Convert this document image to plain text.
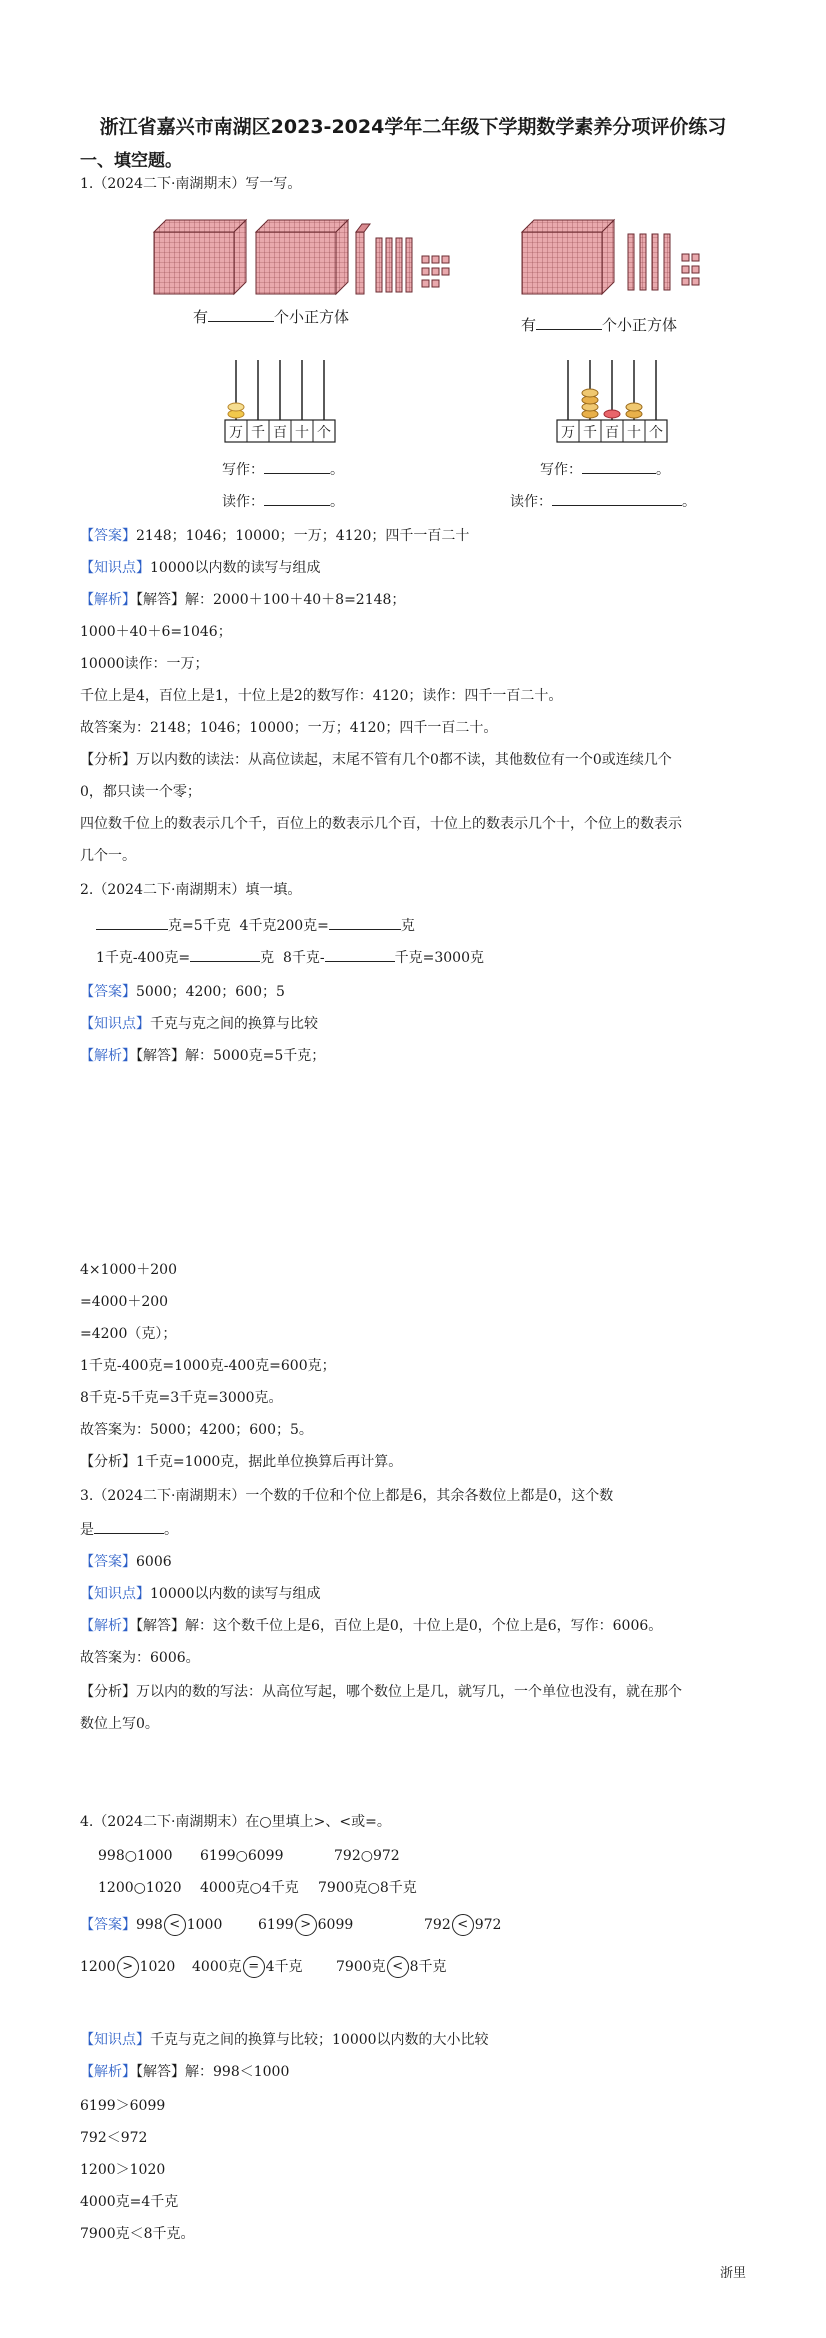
浙江省嘉兴市南湖区2023-2024学年二年级下学期数学素养分项评价练习
一、填空题。
1.（2024二下·南湖期末）写一写。
有	个小正方体	有	个小正方体
万 千 百 十 个	万 千 百 十 个
写作：	。	写作：	。
读作：	。	读作：	。
【答案】2148；1046；10000；一万；4120；四千一百二十
【知识点】10000以内数的读写与组成
【解析】【解答】解：2000＋100＋40＋8=2148；
1000＋40＋6=1046；
10000读作：一万；
千位上是4，百位上是1，十位上是2的数写作：4120；读作：四千一百二十。
故答案为：2148；1046；10000；一万；4120；四千一百二十。
【分析】万以内数的读法：从高位读起，末尾不管有几个0都不读，其他数位有一个0或连续几个
0，都只读一个零；
四位数千位上的数表示几个千，百位上的数表示几个百，十位上的数表示几个十，个位上的数表示
几个一。
2.（2024二下·南湖期末）填一填。
克=5千克 4千克200克=	克
1千克-400克=	克 8千克-	千克=3000克
【答案】5000；4200；600；5
【知识点】千克与克之间的换算与比较
【解析】【解答】解：5000克=5千克；
4×1000＋200
=4000＋200
=4200（克）；
1千克-400克=1000克-400克=600克；
8千克-5千克=3千克=3000克。
故答案为：5000；4200；600；5。
【分析】1千克=1000克，据此单位换算后再计算。
3.（2024二下·南湖期末）一个数的千位和个位上都是6，其余各数位上都是0，这个数
是	。
【答案】6006
【知识点】10000以内数的读写与组成
【解析】【解答】解：这个数千位上是6，百位上是0，十位上是0，个位上是6，写作：6006。
故答案为：6006。
【分析】万以内的数的写法：从高位写起，哪个数位上是几，就写几，一个单位也没有，就在那个
数位上写0。
4.（2024二下·南湖期末）在○里填上>、<或=。
998○1000 6199○6099	792○972
1200○1020 4000克○4千克 7900克○8千克
【答案】998 < 1000	6199 > 6099	792 < 972
1200 > 1020 4000克 = 4千克 7900克 < 8千克
【知识点】千克与克之间的换算与比较；10000以内数的大小比较
【解析】【解答】解：998＜1000
6199＞6099
792＜972
1200＞1020
4000克=4千克
7900克＜8千克。
浙里
